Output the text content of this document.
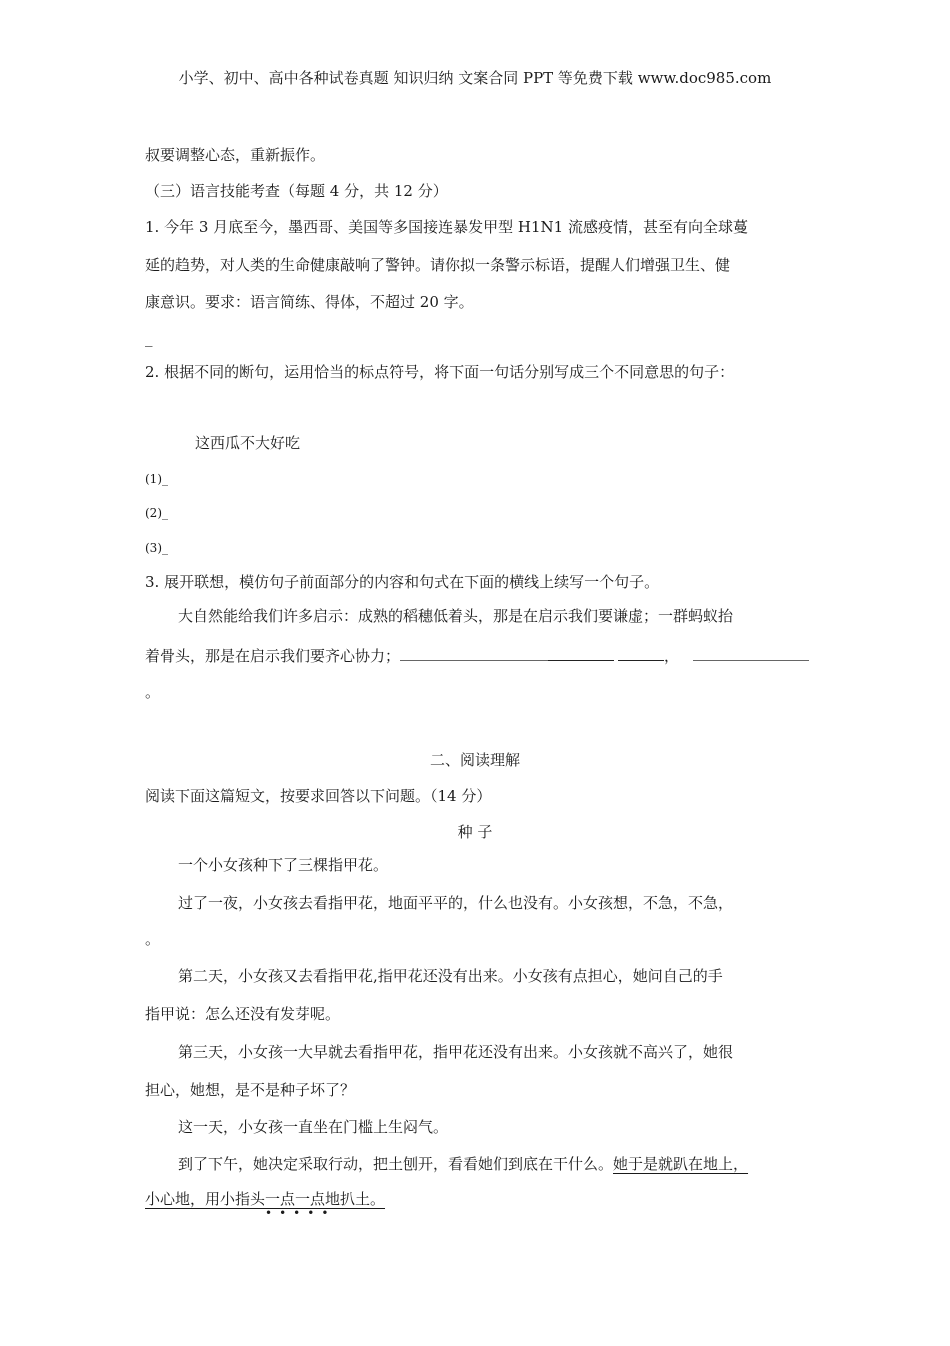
小学、初中、高中各种试卷真题 知识归纳 文案合同 PPT 等免费下载 www.doc985.com
叔要调整心态，重新振作。
（三）语言技能考查（每题 4 分，共 12 分）
1. 今年 3 月底至今，墨西哥、美国等多国接连暴发甲型 H1N1 流感疫情，甚至有向全球蔓
延的趋势，对人类的生命健康敲响了警钟。请你拟一条警示标语，提醒人们增强卫生、健
康意识。要求：语言简练、得体，不超过 20 字。
_
2. 根据不同的断句，运用恰当的标点符号，将下面一句话分别写成三个不同意思的句子：
这西瓜不大好吃
(1)_
(2)_
(3)_
3. 展开联想，模仿句子前面部分的内容和句式在下面的横线上续写一个句子。
大自然能给我们许多启示：成熟的稻穗低着头，那是在启示我们要谦虚；一群蚂蚁抬
着骨头，那是在启示我们要齐心协力；	，
。
二、阅读理解
阅读下面这篇短文，按要求回答以下问题。（14 分）
种 子
一个小女孩种下了三棵指甲花。
过了一夜，小女孩去看指甲花，地面平平的，什么也没有。小女孩想，不急，不急，
。
第二天，小女孩又去看指甲花,指甲花还没有出来。小女孩有点担心，她问自己的手
指甲说：怎么还没有发芽呢。
第三天，小女孩一大早就去看指甲花，指甲花还没有出来。小女孩就不高兴了，她很
担心，她想，是不是种子坏了？
这一天，小女孩一直坐在门槛上生闷气。
到了下午，她决定采取行动，把土刨开，看看她们到底在干什么。她于是就趴在地上，
小心地，用小指头一点一点地扒土。
•••••
